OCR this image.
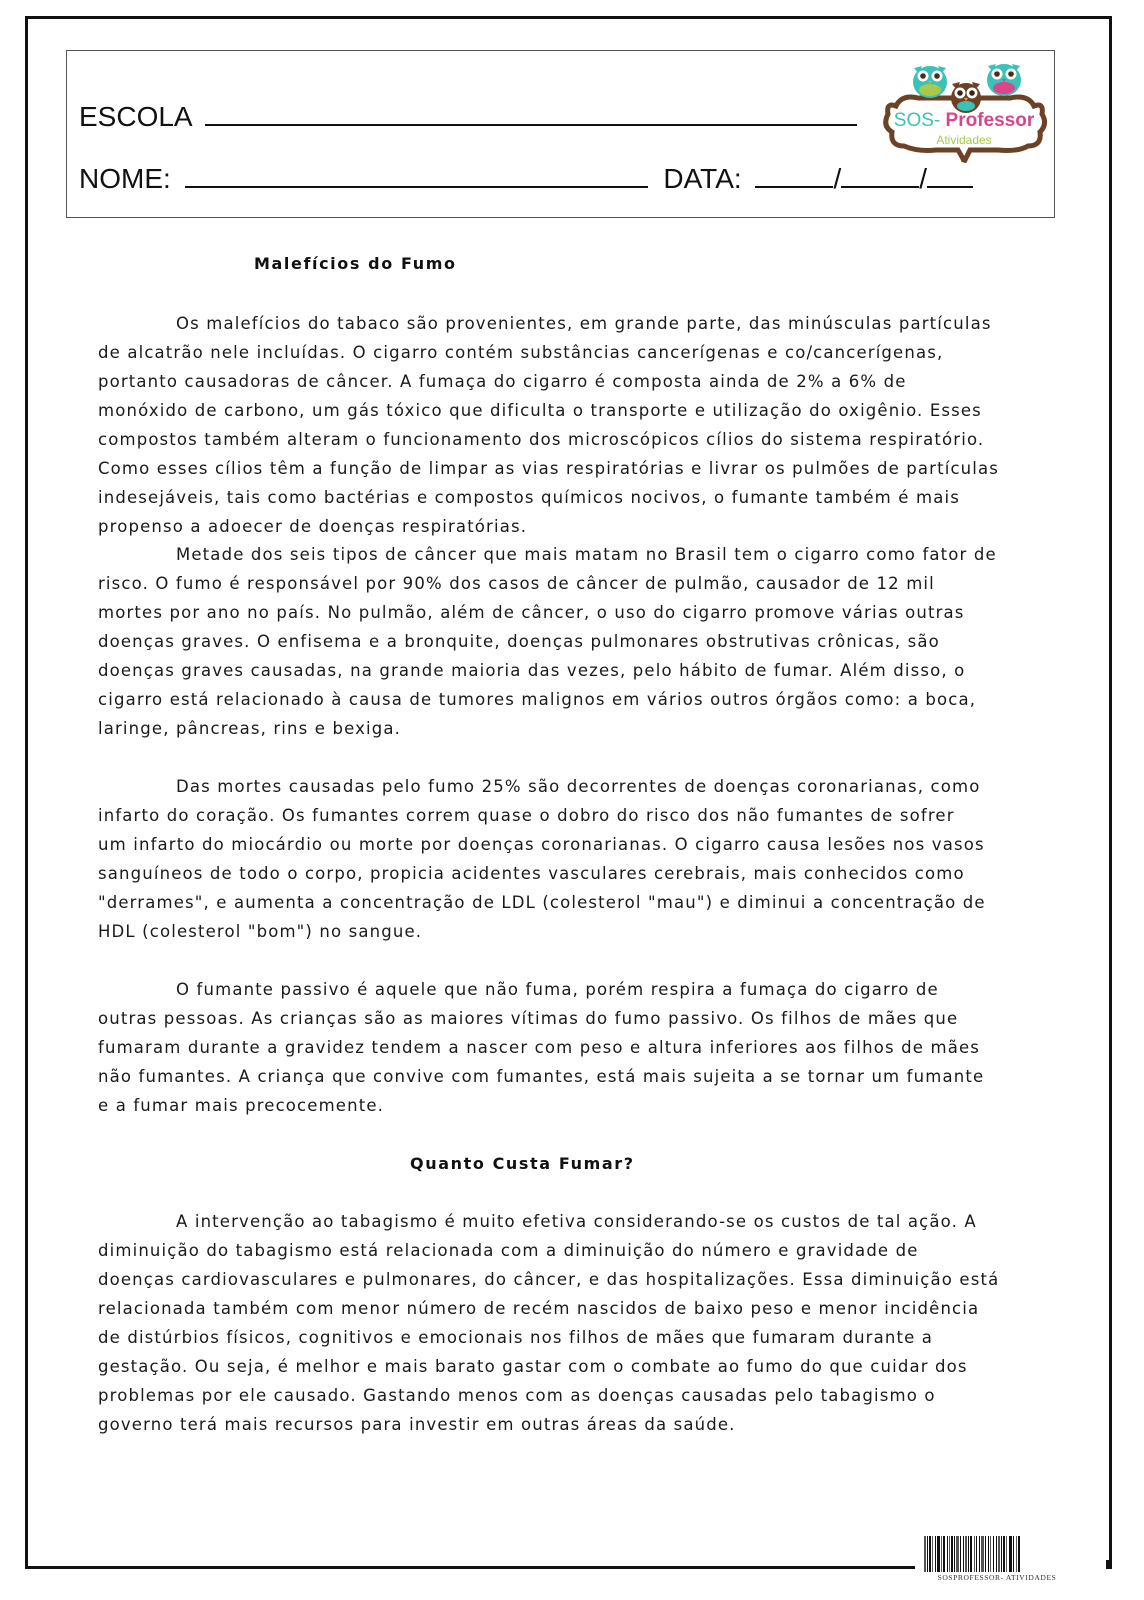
ESCOLA
NOME:	DATA:	/	/
SOS- Professor
Atividades
Malefícios do Fumo
Os malefícios do tabaco são provenientes, em grande parte, das minúsculas partículas
de alcatrão nele incluídas. O cigarro contém substâncias cancerígenas e co/cancerígenas,
portanto causadoras de câncer. A fumaça do cigarro é composta ainda de 2% a 6% de
monóxido de carbono, um gás tóxico que dificulta o transporte e utilização do oxigênio. Esses
compostos também alteram o funcionamento dos microscópicos cílios do sistema respiratório.
Como esses cílios têm a função de limpar as vias respiratórias e livrar os pulmões de partículas
indesejáveis, tais como bactérias e compostos químicos nocivos, o fumante também é mais
propenso a adoecer de doenças respiratórias.
Metade dos seis tipos de câncer que mais matam no Brasil tem o cigarro como fator de
risco. O fumo é responsável por 90% dos casos de câncer de pulmão, causador de 12 mil
mortes por ano no país. No pulmão, além de câncer, o uso do cigarro promove várias outras
doenças graves. O enfisema e a bronquite, doenças pulmonares obstrutivas crônicas, são
doenças graves causadas, na grande maioria das vezes, pelo hábito de fumar. Além disso, o
cigarro está relacionado à causa de tumores malignos em vários outros órgãos como: a boca,
laringe, pâncreas, rins e bexiga.
Das mortes causadas pelo fumo 25% são decorrentes de doenças coronarianas, como
infarto do coração. Os fumantes correm quase o dobro do risco dos não fumantes de sofrer
um infarto do miocárdio ou morte por doenças coronarianas. O cigarro causa lesões nos vasos
sanguíneos de todo o corpo, propicia acidentes vasculares cerebrais, mais conhecidos como
"derrames", e aumenta a concentração de LDL (colesterol "mau") e diminui a concentração de
HDL (colesterol "bom") no sangue.
O fumante passivo é aquele que não fuma, porém respira a fumaça do cigarro de
outras pessoas. As crianças são as maiores vítimas do fumo passivo. Os filhos de mães que
fumaram durante a gravidez tendem a nascer com peso e altura inferiores aos filhos de mães
não fumantes. A criança que convive com fumantes, está mais sujeita a se tornar um fumante
e a fumar mais precocemente.
Quanto Custa Fumar?
A intervenção ao tabagismo é muito efetiva considerando-se os custos de tal ação. A
diminuição do tabagismo está relacionada com a diminuição do número e gravidade de
doenças cardiovasculares e pulmonares, do câncer, e das hospitalizações. Essa diminuição está
relacionada também com menor número de recém nascidos de baixo peso e menor incidência
de distúrbios físicos, cognitivos e emocionais nos filhos de mães que fumaram durante a
gestação. Ou seja, é melhor e mais barato gastar com o combate ao fumo do que cuidar dos
problemas por ele causado. Gastando menos com as doenças causadas pelo tabagismo o
governo terá mais recursos para investir em outras áreas da saúde.
SOSPROFESSOR- ATIVIDADES
